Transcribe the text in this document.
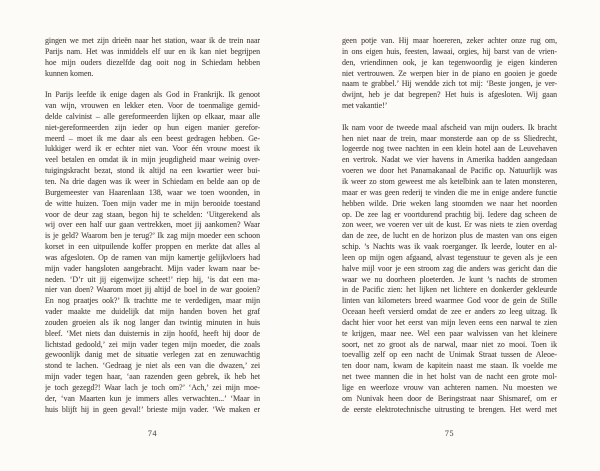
gingen we met zijn drieën naar het station, waar ik de trein naar
Parijs nam. Het was inmiddels elf uur en ik kan niet begrijpen
hoe mijn ouders diezelfde dag ooit nog in Schiedam hebben
kunnen komen.
In Parijs leefde ik enige dagen als God in Frankrijk. Ik genoot
van wijn, vrouwen en lekker eten. Voor de toenmalige gemid-
delde calvinist – alle gereformeerden lijken op elkaar, maar alle
niet-gereformeerden zijn ieder op hun eigen manier gerefor-
meerd – moet ik me daar als een beest gedragen hebben. Ge-
lukkiger werd ik er echter niet van. Voor één vrouw moest ik
veel betalen en omdat ik in mijn jeugdigheid maar weinig over-
tuigingskracht bezat, stond ik altijd na een kwartier weer bui-
ten. Na drie dagen was ik weer in Schiedam en belde aan op de
Burgemeester van Haarenlaan 138, waar we toen woonden, in
de witte huizen. Toen mijn vader me in mijn berooide toestand
voor de deur zag staan, begon hij te schelden: ‘Uitgerekend als
wij over een half uur gaan vertrekken, moet jij aankomen? Waar
is je geld? Waarom ben je terug?’ Ik zag mijn moeder een schoon
korset in een uitpuilende koffer proppen en merkte dat alles al
was afgesloten. Op de ramen van mijn kamertje gelijkvloers had
mijn vader hangsloten aangebracht. Mijn vader kwam naar be-
neden. ‘D’r uit jij eigenwijze scheet!’ riep hij, ‘is dat een ma-
nier van doen? Waarom moet jij altijd de boel in de war gooien?
En nog praatjes ook?’ Ik trachtte me te verdedigen, maar mijn
vader maakte me duidelijk dat mijn handen boven het graf
zouden groeien als ik nog langer dan twintig minuten in huis
bleef. ‘Met niets dan duisternis in zijn hoofd, heeft hij door de
lichtstad gedoold,’ zei mijn vader tegen mijn moeder, die zoals
gewoonlijk danig met de situatie verlegen zat en zenuwachtig
stond te lachen. ‘Gedraag je niet als een van die dwazen,’ zei
mijn vader tegen haar, ‘aan razenden geen gebrek, ik heb het
je toch gezegd?! Waar lach je toch om?’ ‘Ach,’ zei mijn moe-
der, ‘van Maarten kun je immers alles verwachten...’ ‘Maar in
huis blijft hij in geen geval!’ brieste mijn vader. ‘We maken er
74
geen potje van. Hij maar hoereren, zeker achter onze rug om,
in ons eigen huis, feesten, lawaai, orgies, hij barst van de vrien-
den, vriendinnen ook, je kan tegenwoordig je eigen kinderen
niet vertrouwen. Ze werpen bier in de piano en gooien je goede
naam te grabbel.’ Hij wendde zich tot mij: ‘Beste jongen, je ver-
dwijnt, heb je dat begrepen? Het huis is afgesloten. Wij gaan
met vakantie!’
Ik nam voor de tweede maal afscheid van mijn ouders. Ik bracht
hen niet naar de trein, maar monsterde aan op de ss Sliedrecht,
logeerde nog twee nachten in een klein hotel aan de Leuvehaven
en vertrok. Nadat we vier havens in Amerika hadden aangedaan
voeren we door het Panamakanaal de Pacific op. Natuurlijk was
ik weer zo stom geweest me als ketelbink aan te laten monsteren,
maar er was geen rederij te vinden die me in enige andere functie
hebben wilde. Drie weken lang stoomden we naar het noorden
op. De zee lag er voortdurend prachtig bij. Iedere dag scheen de
zon weer, we voeren ver uit de kust. Er was niets te zien overdag
dan de zee, de lucht en de horizon plus de masten van ons eigen
schip. ’s Nachts was ik vaak roerganger. Ik leerde, louter en al-
leen op mijn ogen afgaand, alvast tegenstuur te geven als je een
halve mijl voor je een stroom zag die anders was gericht dan die
waar we nu doorheen ploeterden. Je kunt ’s nachts de stromen
in de Pacific zien: het lijken net lichtere en donkerder gekleurde
linten van kilometers breed waarmee God voor de gein de Stille
Oceaan heeft versierd omdat de zee er anders zo leeg uitzag. Ik
dacht hier voor het eerst van mijn leven eens een narwal te zien
te krijgen, maar nee. Wel een paar walvissen van het kleinere
soort, net zo groot als de narwal, maar niet zo mooi. Toen ik
toevallig zelf op een nacht de Unimak Straat tussen de Aleoe-
ten door nam, kwam de kapitein naast me staan. Ik voelde me
net twee mannen die in het holst van de nacht een grote mol-
lige en weerloze vrouw van achteren namen. Nu moesten we
om Nunivak heen door de Beringstraat naar Shismaref, om er
de eerste elektrotechnische uitrusting te brengen. Het werd met
75
